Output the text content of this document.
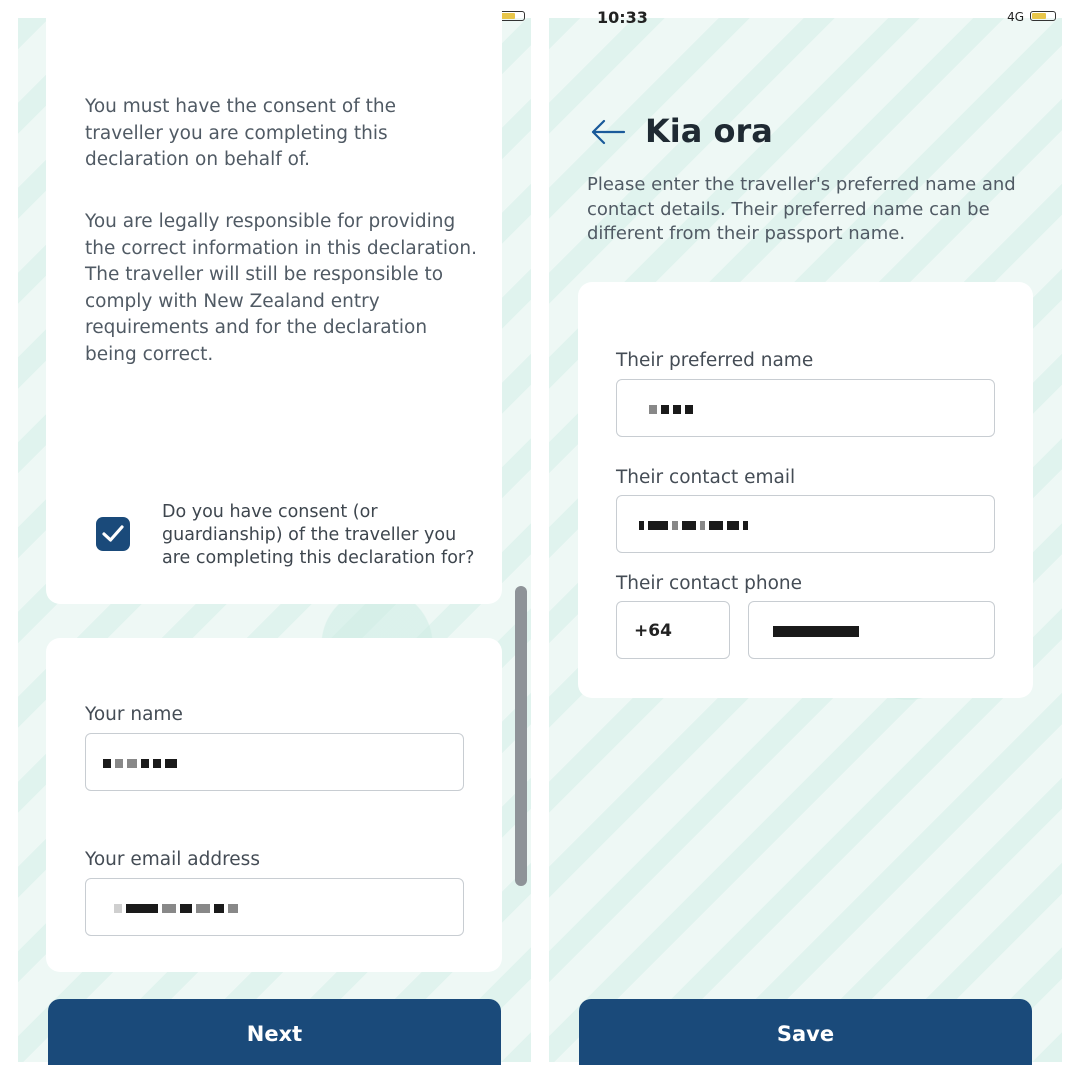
You must have the consent of the traveller you are completing this declaration on behalf of.

You are legally responsible for providing the correct information in this declaration. The traveller will still be responsible to comply with New Zealand entry requirements and for the declaration being correct.

Do you have consent (or guardianship) of the traveller you are completing this declaration for?

Your name
Your email address
Next
10:33	4G
Kia ora

Please enter the traveller's preferred name and contact details. Their preferred name can be different from their passport name.

Their preferred name
Their contact email
Their contact phone
+64
Save
